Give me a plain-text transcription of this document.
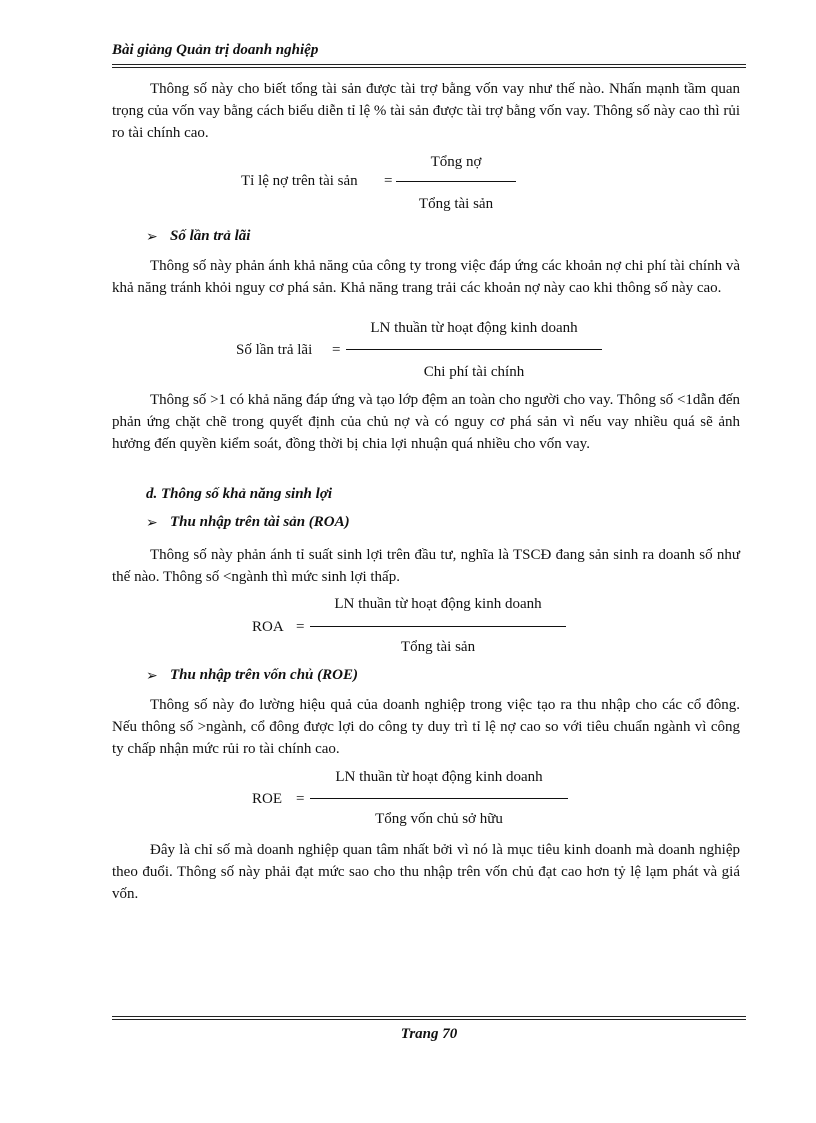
Bài giảng Quản trị doanh nghiệp

Thông số này cho biết tổng tài sản được tài trợ bằng vốn vay như thế nào. Nhấn mạnh tầm quan trọng của vốn vay bằng cách biểu diễn tỉ lệ % tài sản được tài trợ bằng vốn vay. Thông số này cao thì rủi ro tài chính cao.

Tỉ lệ nợ trên tài sản =
Tổng nợ
Tổng tài sản
➢ Số lần trả lãi

Thông số này phản ánh khả năng của công ty trong việc đáp ứng các khoản nợ chi phí tài chính và khả năng tránh khỏi nguy cơ phá sản. Khả năng trang trải các khoản nợ này cao khi thông số này cao.

Số lần trả lãi =
LN thuần từ hoạt động kinh doanh
Chi phí tài chính

Thông số >1 có khả năng đáp ứng và tạo lớp đệm an toàn cho người cho vay. Thông số <1dẫn đến phản ứng chặt chẽ trong quyết định của chủ nợ và có nguy cơ phá sản vì nếu vay nhiều quá sẽ ảnh hưởng đến quyền kiểm soát, đồng thời bị chia lợi nhuận quá nhiều cho vốn vay.

d. Thông số khả năng sinh lợi
➢ Thu nhập trên tài sản (ROA)

Thông số này phản ánh tỉ suất sinh lợi trên đầu tư, nghĩa là TSCĐ đang sản sinh ra doanh số như thế nào. Thông số <ngành thì mức sinh lợi thấp.

ROA =
LN thuần từ hoạt động kinh doanh
Tổng tài sản
➢ Thu nhập trên vốn chủ (ROE)

Thông số này đo lường hiệu quả của doanh nghiệp trong việc tạo ra thu nhập cho các cổ đông. Nếu thông số >ngành, cổ đông được lợi do công ty duy trì tỉ lệ nợ cao so với tiêu chuẩn ngành vì công ty chấp nhận mức rủi ro tài chính cao.

ROE =
LN thuần từ hoạt động kinh doanh
Tổng vốn chủ sở hữu

Đây là chỉ số mà doanh nghiệp quan tâm nhất bởi vì nó là mục tiêu kinh doanh mà doanh nghiệp theo đuổi. Thông số này phải đạt mức sao cho thu nhập trên vốn chủ đạt cao hơn tỷ lệ lạm phát và giá vốn.

Trang 70
